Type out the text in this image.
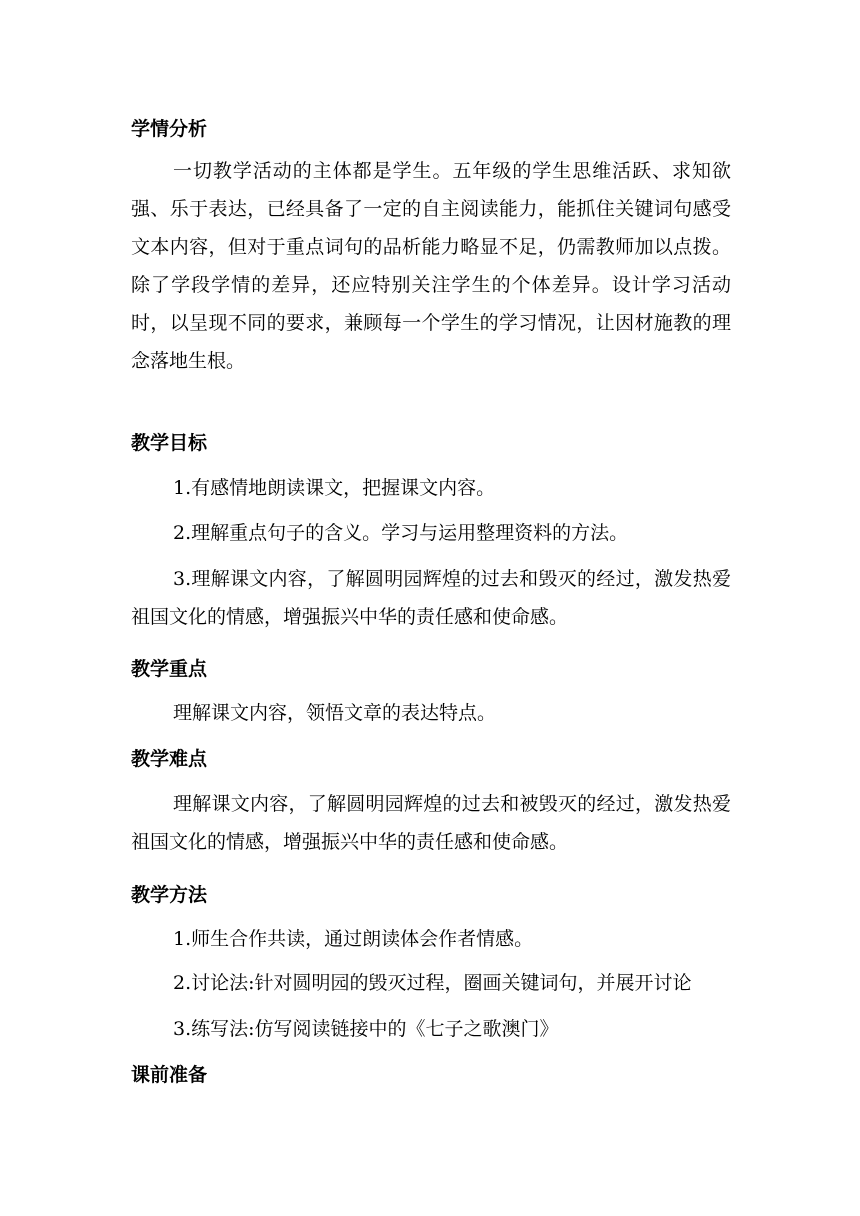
学情分析
一切教学活动的主体都是学生。五年级的学生思维活跃、求知欲强、乐于表达，已经具备了一定的自主阅读能力，能抓住关键词句感受文本内容，但对于重点词句的品析能力略显不足，仍需教师加以点拨。除了学段学情的差异，还应特别关注学生的个体差异。设计学习活动时，以呈现不同的要求，兼顾每一个学生的学习情况，让因材施教的理念落地生根。
教学目标
1.有感情地朗读课文，把握课文内容。
2.理解重点句子的含义。学习与运用整理资料的方法。
3.理解课文内容，了解圆明园辉煌的过去和毁灭的经过，激发热爱祖国文化的情感，增强振兴中华的责任感和使命感。
教学重点
理解课文内容，领悟文章的表达特点。
教学难点
理解课文内容，了解圆明园辉煌的过去和被毁灭的经过，激发热爱祖国文化的情感，增强振兴中华的责任感和使命感。
教学方法
1.师生合作共读，通过朗读体会作者情感。
2.讨论法:针对圆明园的毁灭过程，圈画关键词句，并展开讨论
3.练写法:仿写阅读链接中的《七子之歌澳门》
课前准备
